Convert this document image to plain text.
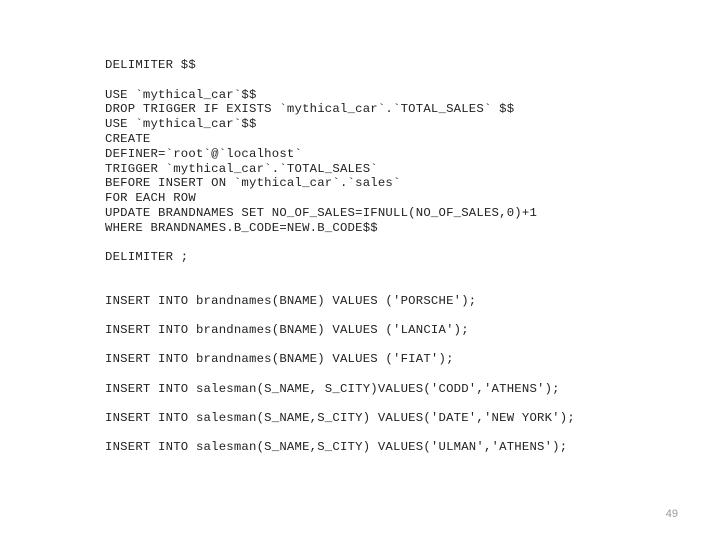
DELIMITER $$
USE `mythical_car`$$
DROP TRIGGER IF EXISTS `mythical_car`.`TOTAL_SALES` $$
USE `mythical_car`$$
CREATE
DEFINER=`root`@`localhost`
TRIGGER `mythical_car`.`TOTAL_SALES`
BEFORE INSERT ON `mythical_car`.`sales`
FOR EACH ROW
UPDATE BRANDNAMES SET NO_OF_SALES=IFNULL(NO_OF_SALES,0)+1
WHERE BRANDNAMES.B_CODE=NEW.B_CODE$$
DELIMITER ;
INSERT INTO brandnames(BNAME) VALUES ('PORSCHE');
INSERT INTO brandnames(BNAME) VALUES ('LANCIA');
INSERT INTO brandnames(BNAME) VALUES ('FIAT');
INSERT INTO salesman(S_NAME, S_CITY)VALUES('CODD','ATHENS');
INSERT INTO salesman(S_NAME,S_CITY) VALUES('DATE','NEW YORK');
INSERT INTO salesman(S_NAME,S_CITY) VALUES('ULMAN','ATHENS');
49
